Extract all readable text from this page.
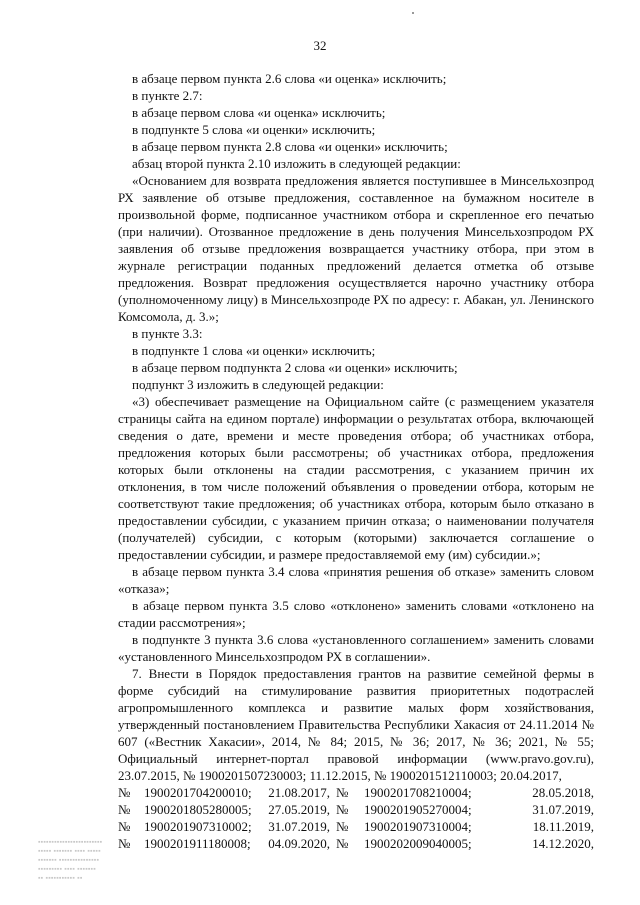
32

в абзаце первом пункта 2.6 слова «и оценка» исключить;

в пункте 2.7:

в абзаце первом слова «и оценка» исключить;

в подпункте 5 слова «и оценки» исключить;

в абзаце первом пункта 2.8 слова «и оценки» исключить;

абзац второй пункта 2.10 изложить в следующей редакции:

«Основанием для возврата предложения является поступившее в Минсельхозпрод РХ заявление об отзыве предложения, составленное на бумажном носителе в произвольной форме, подписанное участником отбора и скрепленное его печатью (при наличии). Отозванное предложение в день получения Минсельхозпродом РХ заявления об отзыве предложения возвращается участнику отбора, при этом в журнале регистрации поданных предложений делается отметка об отзыве предложения. Возврат предложения осуществляется нарочно участнику отбора (уполномоченному лицу) в Минсельхозпроде РХ по адресу: г. Абакан, ул. Ленинского Комсомола, д. 3.»;

в пункте 3.3:

в подпункте 1 слова «и оценки» исключить;

в абзаце первом подпункта 2 слова «и оценки» исключить;

подпункт 3 изложить в следующей редакции:

«3) обеспечивает размещение на Официальном сайте (с размещением указателя страницы сайта на едином портале) информации о результатах отбора, включающей сведения о дате, времени и месте проведения отбора; об участниках отбора, предложения которых были рассмотрены; об участниках отбора, предложения которых были отклонены на стадии рассмотрения, с указанием причин их отклонения, в том числе положений объявления о проведении отбора, которым не соответствуют такие предложения; об участниках отбора, которым было отказано в предоставлении субсидии, с указанием причин отказа; о наименовании получателя (получателей) субсидии, с которым (которыми) заключается соглашение о предоставлении субсидии, и размере предоставляемой ему (им) субсидии.»;

в абзаце первом пункта 3.4 слова «принятия решения об отказе» заменить словом «отказа»;

в абзаце первом пункта 3.5 слово «отклонено» заменить словами «отклонено на стадии рассмотрения»;

в подпункте 3 пункта 3.6 слова «установленного соглашением» заменить словами «установленного Минсельхозпродом РХ в соглашении».

7. Внести в Порядок предоставления грантов на развитие семейной фермы в форме субсидий на стимулирование развития приоритетных подотраслей агропромышленного комплекса и развитие малых форм хозяйствования, утвержденный постановлением Правительства Республики Хакасия от 24.11.2014 № 607 («Вестник Хакасии», 2014, № 84; 2015, № 36; 2017, № 36; 2021, № 55; Официальный интернет-портал правовой информации (www.pravo.gov.ru), 23.07.2015, № 1900201507230003; 11.12.2015, № 1900201512110003; 20.04.2017,

№	1900201704200010;	21.08.2017, №	1900201708210004;	28.05.2018,
№	1900201805280005;	27.05.2019, №	1900201905270004;	31.07.2019,
№	1900201907310002;	31.07.2019, №	1900201907310004;	18.11.2019,
№	1900201911180008;	04.09.2020, №	1900202009040005;	14.12.2020,
▪▪▪▪▪▪▪▪▪▪▪▪▪▪▪▪▪▪▪▪▪▪▪▪
▪▪▪▪▪ ▪▪▪▪▪▪▪ ▪▪▪▪ ▪▪▪▪▪
▪▪▪▪▪▪▪ ▪▪▪▪▪▪▪▪▪▪▪▪▪▪▪
▪▪▪▪▪▪▪▪▪ ▪▪▪▪ ▪▪▪▪▪▪▪
▪▪ ▪▪▪▪▪▪▪▪▪▪▪ ▪▪
